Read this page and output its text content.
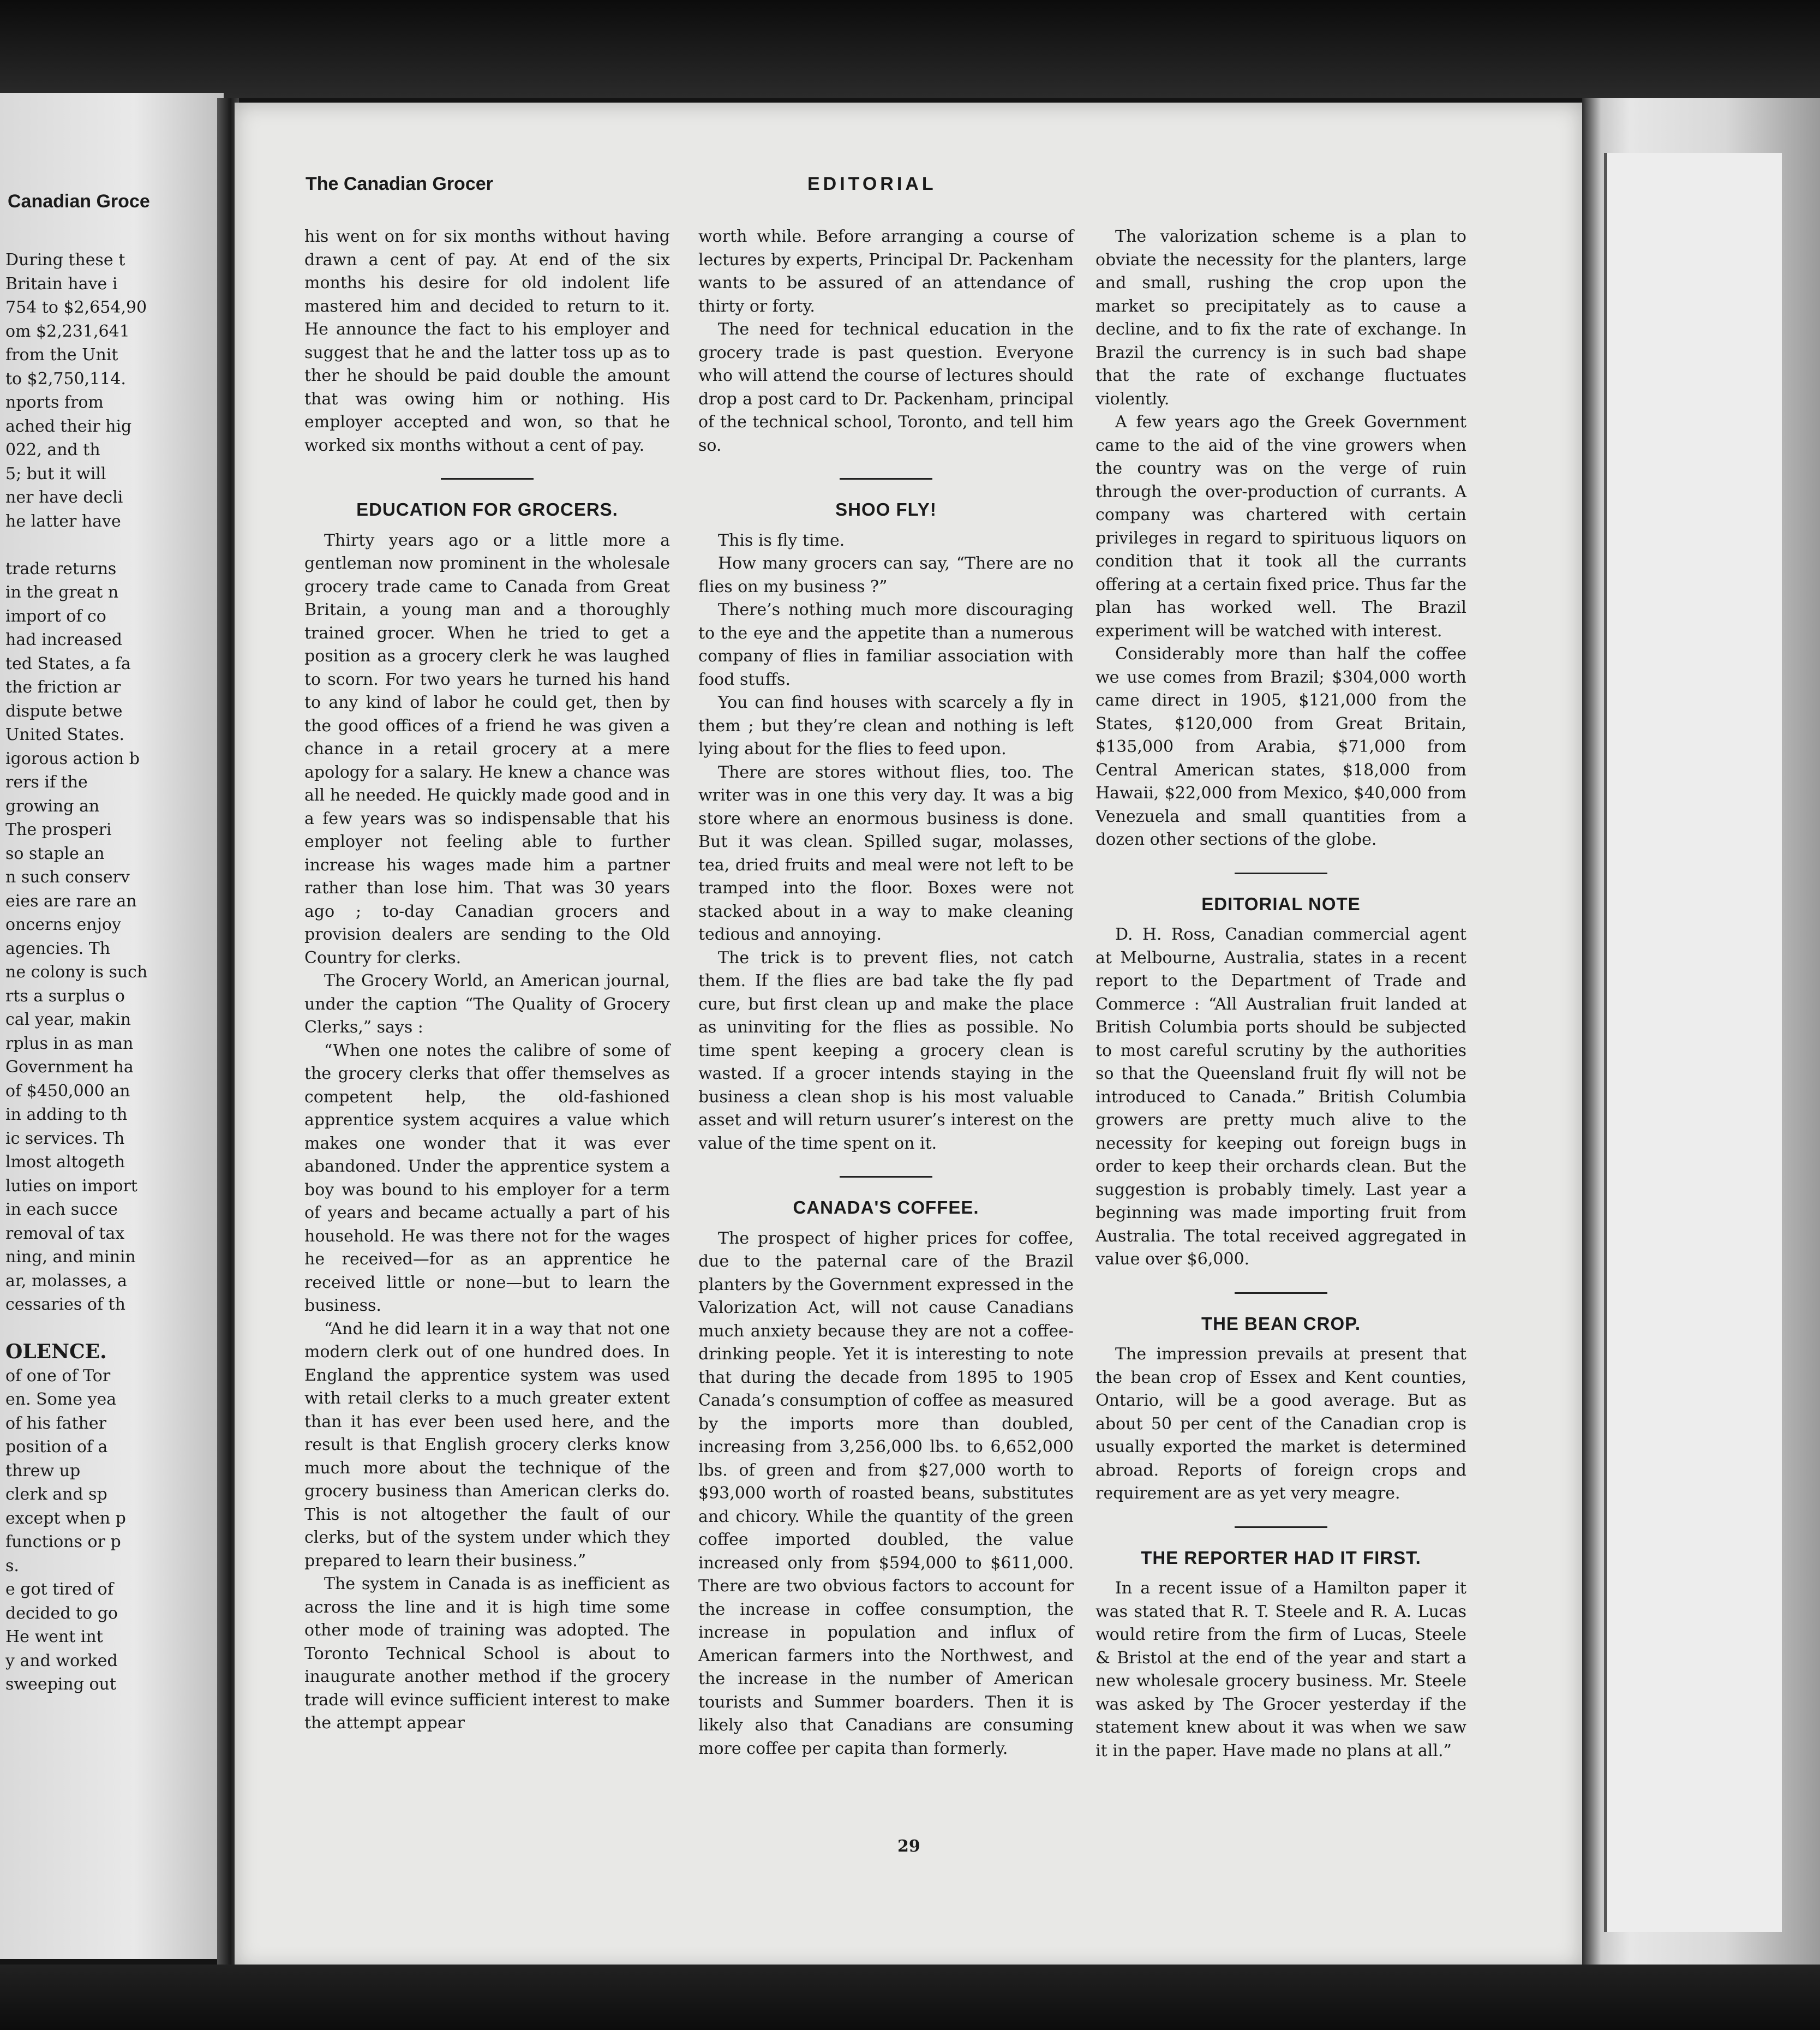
Canadian Groce
During these t
Britain have i
754 to $2,654,90
om $2,231,641
from the Unit
to $2,750,114.
nports from
ached their hig
022, and th
5; but it will
ner have decli
he latter have
trade returns
in the great n
import of co
had increased
ted States, a fa
the friction ar
dispute betwe
United States.
igorous action b
rers if the
growing an
The prosperi
so staple an
n such conserv
eies are rare an
oncerns enjoy
agencies. Th
ne colony is such
rts a surplus o
cal year, makin
rplus in as man
Government ha
of $450,000 an
in adding to th
ic services. Th
lmost altogeth
luties on import
in each succe
removal of tax
ning, and minin
ar, molasses, a
cessaries of th
OLENCE.
of one of Tor
en. Some yea
of his father
position of a
threw up
clerk and sp
except when p
functions or p
s.
e got tired of
decided to go
He went int
y and worked
sweeping out
The Canadian Grocer	EDITORIAL

his went on for six months without having drawn a cent of pay. At end of the six months his desire for old indolent life mastered him and decided to return to it. He announce the fact to his employer and suggest that he and the latter toss up as to ther he should be paid double the amount that was owing him or nothing. His employer accepted and won, so that he worked six months without a cent of pay.

EDUCATION FOR GROCERS.

Thirty years ago or a little more a gentleman now prominent in the wholesale grocery trade came to Canada from Great Britain, a young man and a thoroughly trained grocer. When he tried to get a position as a grocery clerk he was laughed to scorn. For two years he turned his hand to any kind of labor he could get, then by the good offices of a friend he was given a chance in a retail grocery at a mere apology for a salary. He knew a chance was all he needed. He quickly made good and in a few years was so indispensable that his employer not feeling able to further increase his wages made him a partner rather than lose him. That was 30 years ago ; to-day Canadian grocers and provision dealers are sending to the Old Country for clerks.

The Grocery World, an American journal, under the caption “The Quality of Grocery Clerks,” says :

“When one notes the calibre of some of the grocery clerks that offer themselves as competent help, the old-fashioned apprentice system acquires a value which makes one wonder that it was ever abandoned. Under the apprentice system a boy was bound to his employer for a term of years and became actually a part of his household. He was there not for the wages he received—for as an apprentice he received little or none—but to learn the business.

“And he did learn it in a way that not one modern clerk out of one hundred does. In England the apprentice system was used with retail clerks to a much greater extent than it has ever been used here, and the result is that English grocery clerks know much more about the technique of the grocery business than American clerks do. This is not altogether the fault of our clerks, but of the system under which they prepared to learn their business.”

The system in Canada is as inefficient as across the line and it is high time some other mode of training was adopted. The Toronto Technical School is about to inaugurate another method if the grocery trade will evince sufficient interest to make the attempt appear

worth while. Before arranging a course of lectures by experts, Principal Dr. Packenham wants to be assured of an attendance of thirty or forty.

The need for technical education in the grocery trade is past question. Everyone who will attend the course of lectures should drop a post card to Dr. Packenham, principal of the technical school, Toronto, and tell him so.

SHOO FLY!

This is fly time.

How many grocers can say, “There are no flies on my business ?”

There’s nothing much more discouraging to the eye and the appetite than a numerous company of flies in familiar association with food stuffs.

You can find houses with scarcely a fly in them ; but they’re clean and nothing is left lying about for the flies to feed upon.

There are stores without flies, too. The writer was in one this very day. It was a big store where an enormous business is done. But it was clean. Spilled sugar, molasses, tea, dried fruits and meal were not left to be tramped into the floor. Boxes were not stacked about in a way to make cleaning tedious and annoying.

The trick is to prevent flies, not catch them. If the flies are bad take the fly pad cure, but first clean up and make the place as uninviting for the flies as possible. No time spent keeping a grocery clean is wasted. If a grocer intends staying in the business a clean shop is his most valuable asset and will return usurer’s interest on the value of the time spent on it.

CANADA'S COFFEE.

The prospect of higher prices for coffee, due to the paternal care of the Brazil planters by the Government expressed in the Valorization Act, will not cause Canadians much anxiety because they are not a coffee-drinking people. Yet it is interesting to note that during the decade from 1895 to 1905 Canada’s consumption of coffee as measured by the imports more than doubled, increasing from 3,256,000 lbs. to 6,652,000 lbs. of green and from $27,000 worth to $93,000 worth of roasted beans, substitutes and chicory. While the quantity of the green coffee imported doubled, the value increased only from $594,000 to $611,000. There are two obvious factors to account for the increase in coffee consumption, the increase in population and influx of American farmers into the Northwest, and the increase in the number of American tourists and Summer boarders. Then it is likely also that Canadians are consuming more coffee per capita than formerly.

The valorization scheme is a plan to obviate the necessity for the planters, large and small, rushing the crop upon the market so precipitately as to cause a decline, and to fix the rate of exchange. In Brazil the currency is in such bad shape that the rate of exchange fluctuates violently.

A few years ago the Greek Government came to the aid of the vine growers when the country was on the verge of ruin through the over-production of currants. A company was chartered with certain privileges in regard to spirituous liquors on condition that it took all the currants offering at a certain fixed price. Thus far the plan has worked well. The Brazil experiment will be watched with interest.

Considerably more than half the coffee we use comes from Brazil; $304,000 worth came direct in 1905, $121,000 from the States, $120,000 from Great Britain, $135,000 from Arabia, $71,000 from Central American states, $18,000 from Hawaii, $22,000 from Mexico, $40,000 from Venezuela and small quantities from a dozen other sections of the globe.

EDITORIAL NOTE

D. H. Ross, Canadian commercial agent at Melbourne, Australia, states in a recent report to the Department of Trade and Commerce : “All Australian fruit landed at British Columbia ports should be subjected to most careful scrutiny by the authorities so that the Queensland fruit fly will not be introduced to Canada.” British Columbia growers are pretty much alive to the necessity for keeping out foreign bugs in order to keep their orchards clean. But the suggestion is probably timely. Last year a beginning was made importing fruit from Australia. The total received aggregated in value over $6,000.

THE BEAN CROP.

The impression prevails at present that the bean crop of Essex and Kent counties, Ontario, will be a good average. But as about 50 per cent of the Canadian crop is usually exported the market is determined abroad. Reports of foreign crops and requirement are as yet very meagre.

THE REPORTER HAD IT FIRST.

In a recent issue of a Hamilton paper it was stated that R. T. Steele and R. A. Lucas would retire from the firm of Lucas, Steele & Bristol at the end of the year and start a new wholesale grocery business. Mr. Steele was asked by The Grocer yesterday if the statement knew about it was when we saw it in the paper. Have made no plans at all.”

29
